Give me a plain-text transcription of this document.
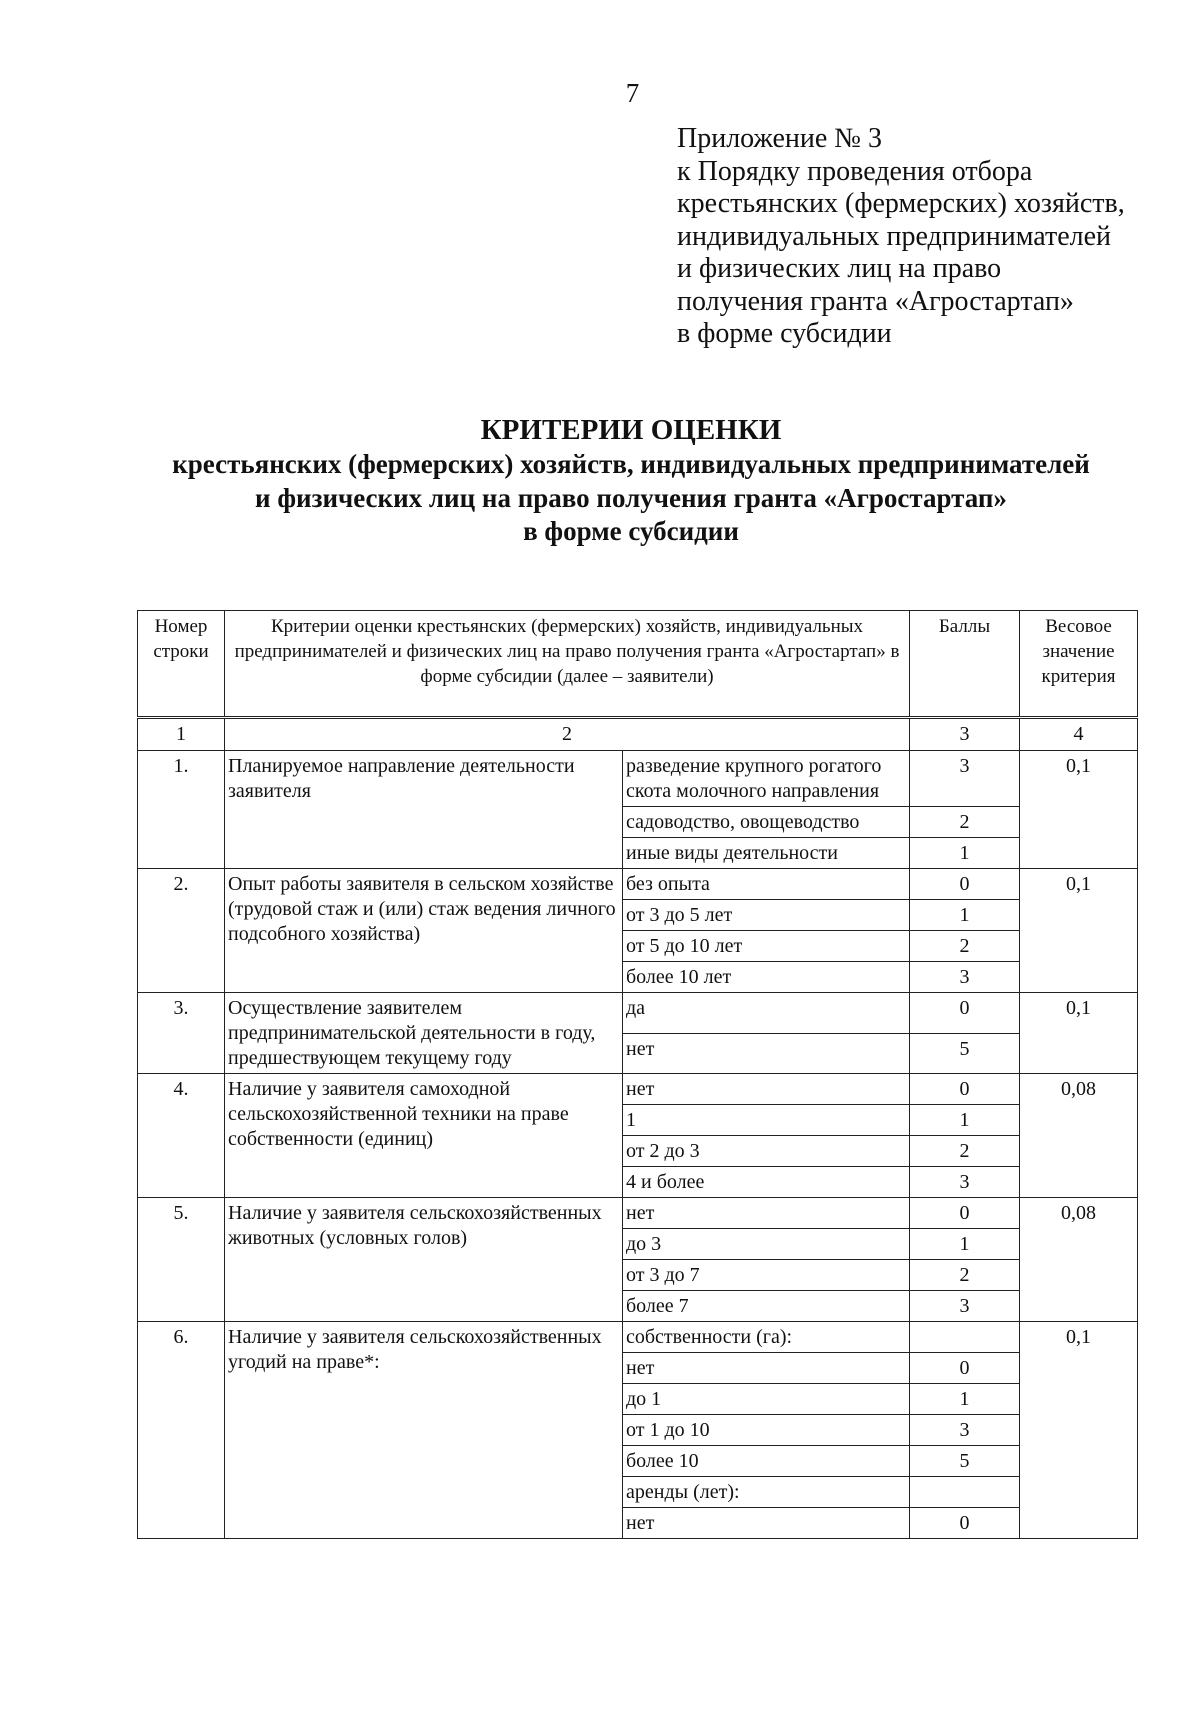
7
Приложение № 3
к Порядку проведения отбора
крестьянских (фермерских) хозяйств,
индивидуальных предпринимателей
и физических лиц на право
получения гранта «Агростартап»
в форме субсидии
КРИТЕРИИ ОЦЕНКИ
крестьянских (фермерских) хозяйств, индивидуальных предпринимателей
и физических лиц на право получения гранта «Агростартап»
в форме субсидии
Номер строки	Критерии оценки крестьянских (фермерских) хозяйств, индивидуальных предпринимателей и физических лиц на право получения гранта «Агростартап» в форме субсидии (далее – заявители)		Баллы	Весовое значение критерия
1	2		3	4
1.	Планируемое направление деятельности заявителя	разведение крупного рогатого скота молочного направления	3	0,1
		садоводство, овощеводство	2	
		иные виды деятельности	1	
2.	Опыт работы заявителя в сельском хозяйстве (трудовой стаж и (или) стаж ведения личного подсобного хозяйства)	без опыта	0	0,1
		от 3 до 5 лет	1	
		от 5 до 10 лет	2	
		более 10 лет	3	
3.	Осуществление заявителем предпринимательской деятельности в году, предшествующем текущему году	да	0	0,1
		нет	5	
4.	Наличие у заявителя самоходной сельскохозяйственной техники на праве собственности (единиц)	нет	0	0,08
		1	1	
		от 2 до 3	2	
		4 и более	3	
5.	Наличие у заявителя сельскохозяйственных животных (условных голов)	нет	0	0,08
		до 3	1	
		от 3 до 7	2	
		более 7	3	
6.	Наличие у заявителя сельскохозяйственных угодий на праве*:	собственности (га):		0,1
		нет	0	
		до 1	1	
		от 1 до 10	3	
		более 10	5	
		аренды (лет):		
		нет	0	
